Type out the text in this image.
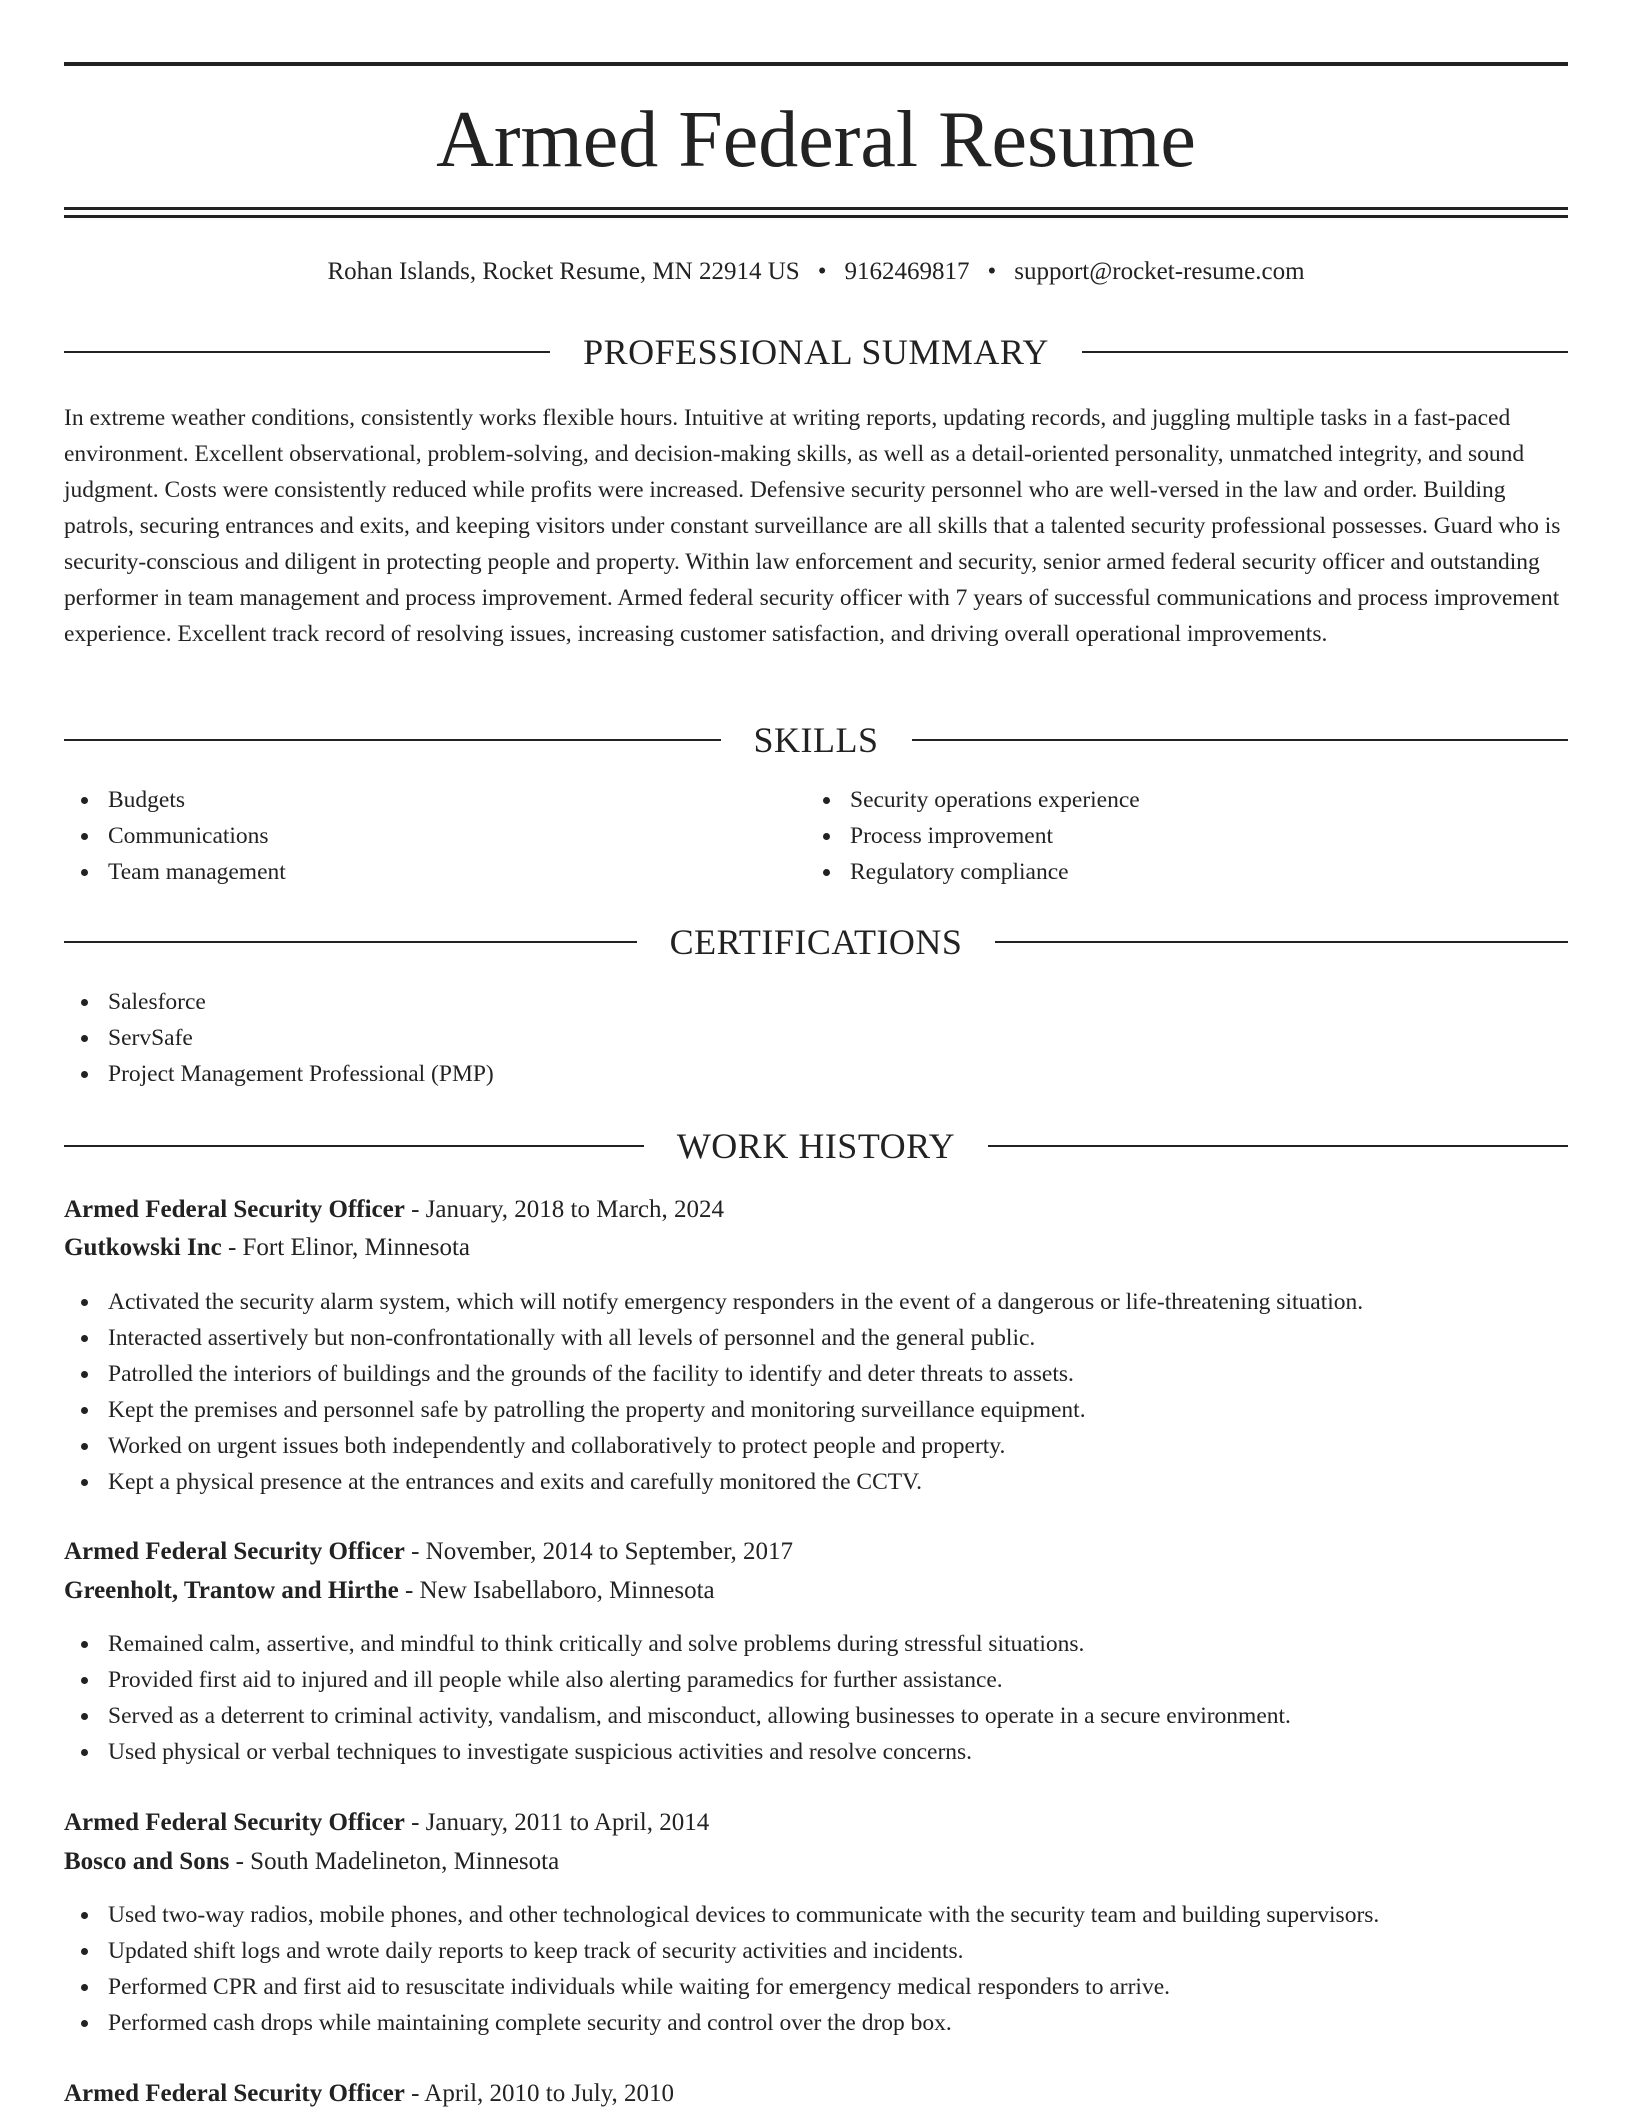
Armed Federal Resume
Rohan Islands, Rocket Resume, MN 22914 US • 9162469817 • support@rocket-resume.com
PROFESSIONAL SUMMARY

In extreme weather conditions, consistently works flexible hours. Intuitive at writing reports, updating records, and juggling multiple tasks in a fast-paced environment. Excellent observational, problem-solving, and decision-making skills, as well as a detail-oriented personality, unmatched integrity, and sound judgment. Costs were consistently reduced while profits were increased. Defensive security personnel who are well-versed in the law and order. Building patrols, securing entrances and exits, and keeping visitors under constant surveillance are all skills that a talented security professional possesses. Guard who is security-conscious and diligent in protecting people and property. Within law enforcement and security, senior armed federal security officer and outstanding performer in team management and process improvement. Armed federal security officer with 7 years of successful communications and process improvement experience. Excellent track record of resolving issues, increasing customer satisfaction, and driving overall operational improvements.

SKILLS
Budgets
Communications
Team management
Security operations experience
Process improvement
Regulatory compliance
CERTIFICATIONS
Salesforce
ServSafe
Project Management Professional (PMP)
WORK HISTORY
Armed Federal Security Officer - January, 2018 to March, 2024
Gutkowski Inc - Fort Elinor, Minnesota
Activated the security alarm system, which will notify emergency responders in the event of a dangerous or life-threatening situation.
Interacted assertively but non-confrontationally with all levels of personnel and the general public.
Patrolled the interiors of buildings and the grounds of the facility to identify and deter threats to assets.
Kept the premises and personnel safe by patrolling the property and monitoring surveillance equipment.
Worked on urgent issues both independently and collaboratively to protect people and property.
Kept a physical presence at the entrances and exits and carefully monitored the CCTV.
Armed Federal Security Officer - November, 2014 to September, 2017
Greenholt, Trantow and Hirthe - New Isabellaboro, Minnesota
Remained calm, assertive, and mindful to think critically and solve problems during stressful situations.
Provided first aid to injured and ill people while also alerting paramedics for further assistance.
Served as a deterrent to criminal activity, vandalism, and misconduct, allowing businesses to operate in a secure environment.
Used physical or verbal techniques to investigate suspicious activities and resolve concerns.
Armed Federal Security Officer - January, 2011 to April, 2014
Bosco and Sons - South Madelineton, Minnesota
Used two-way radios, mobile phones, and other technological devices to communicate with the security team and building supervisors.
Updated shift logs and wrote daily reports to keep track of security activities and incidents.
Performed CPR and first aid to resuscitate individuals while waiting for emergency medical responders to arrive.
Performed cash drops while maintaining complete security and control over the drop box.
Armed Federal Security Officer - April, 2010 to July, 2010
